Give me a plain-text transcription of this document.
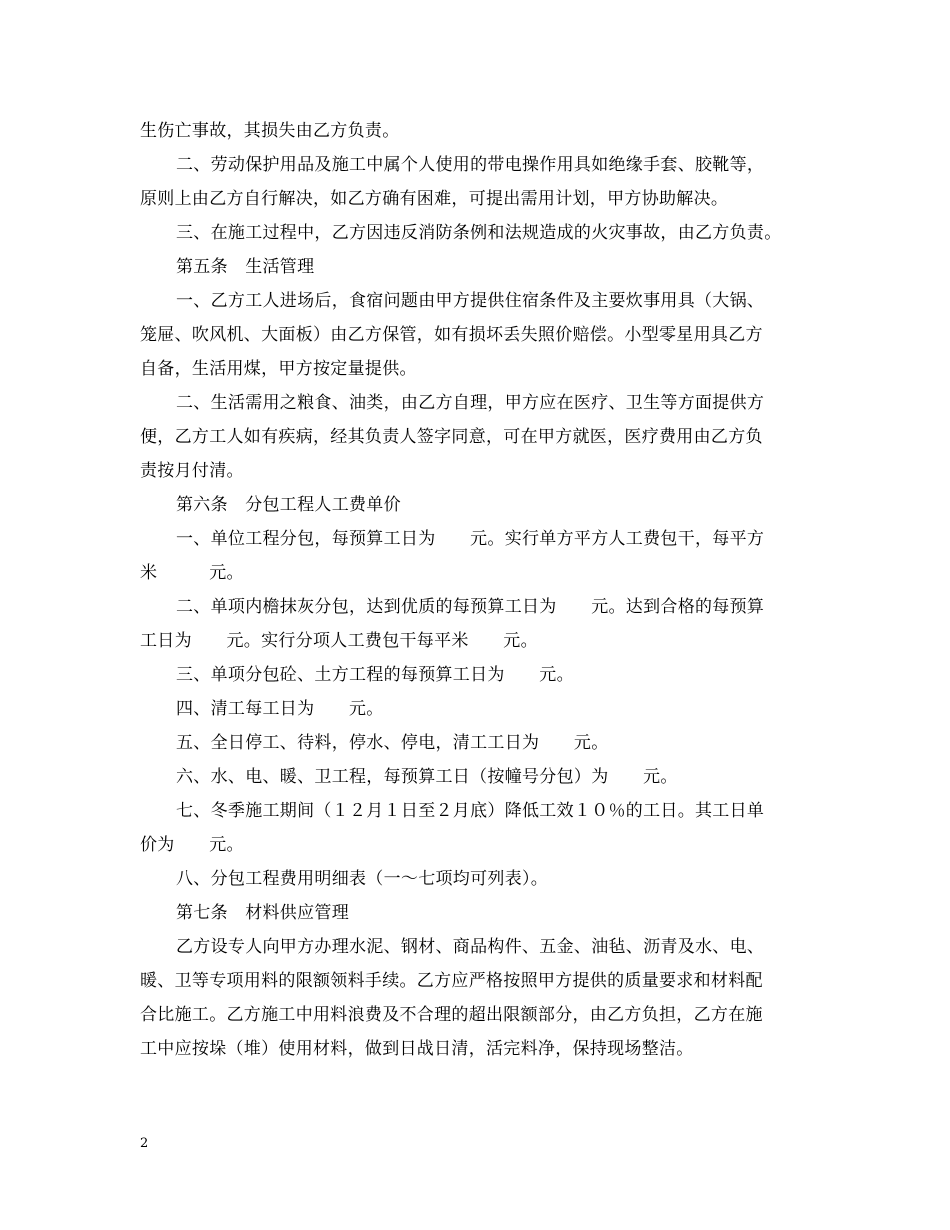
生伤亡事故，其损失由乙方负责。
二、劳动保护用品及施工中属个人使用的带电操作用具如绝缘手套、胶靴等，
原则上由乙方自行解决，如乙方确有困难，可提出需用计划，甲方协助解决。
三、在施工过程中，乙方因违反消防条例和法规造成的火灾事故，由乙方负责。
第五条　生活管理
一、乙方工人进场后，食宿问题由甲方提供住宿条件及主要炊事用具（大锅、
笼屉、吹风机、大面板）由乙方保管，如有损坏丢失照价赔偿。小型零星用具乙方
自备，生活用煤，甲方按定量提供。
二、生活需用之粮食、油类，由乙方自理，甲方应在医疗、卫生等方面提供方
便，乙方工人如有疾病，经其负责人签字同意，可在甲方就医，医疗费用由乙方负
责按月付清。
第六条　分包工程人工费单价
一、单位工程分包，每预算工日为　　元。实行单方平方人工费包干，每平方
米　　　元。
二、单项内檐抹灰分包，达到优质的每预算工日为　　元。达到合格的每预算
工日为　　元。实行分项人工费包干每平米　　元。
三、单项分包砼、土方工程的每预算工日为　　元。
四、清工每工日为　　元。
五、全日停工、待料，停水、停电，清工工日为　　元。
六、水、电、暖、卫工程，每预算工日（按幢号分包）为　　元。
七、冬季施工期间（１２月１日至２月底）降低工效１０％的工日。其工日单
价为　　元。
八、分包工程费用明细表（一～七项均可列表）。
第七条　材料供应管理
乙方设专人向甲方办理水泥、钢材、商品构件、五金、油毡、沥青及水、电、
暖、卫等专项用料的限额领料手续。乙方应严格按照甲方提供的质量要求和材料配
合比施工。乙方施工中用料浪费及不合理的超出限额部分，由乙方负担，乙方在施
工中应按垛（堆）使用材料，做到日战日清，活完料净，保持现场整洁。
2
